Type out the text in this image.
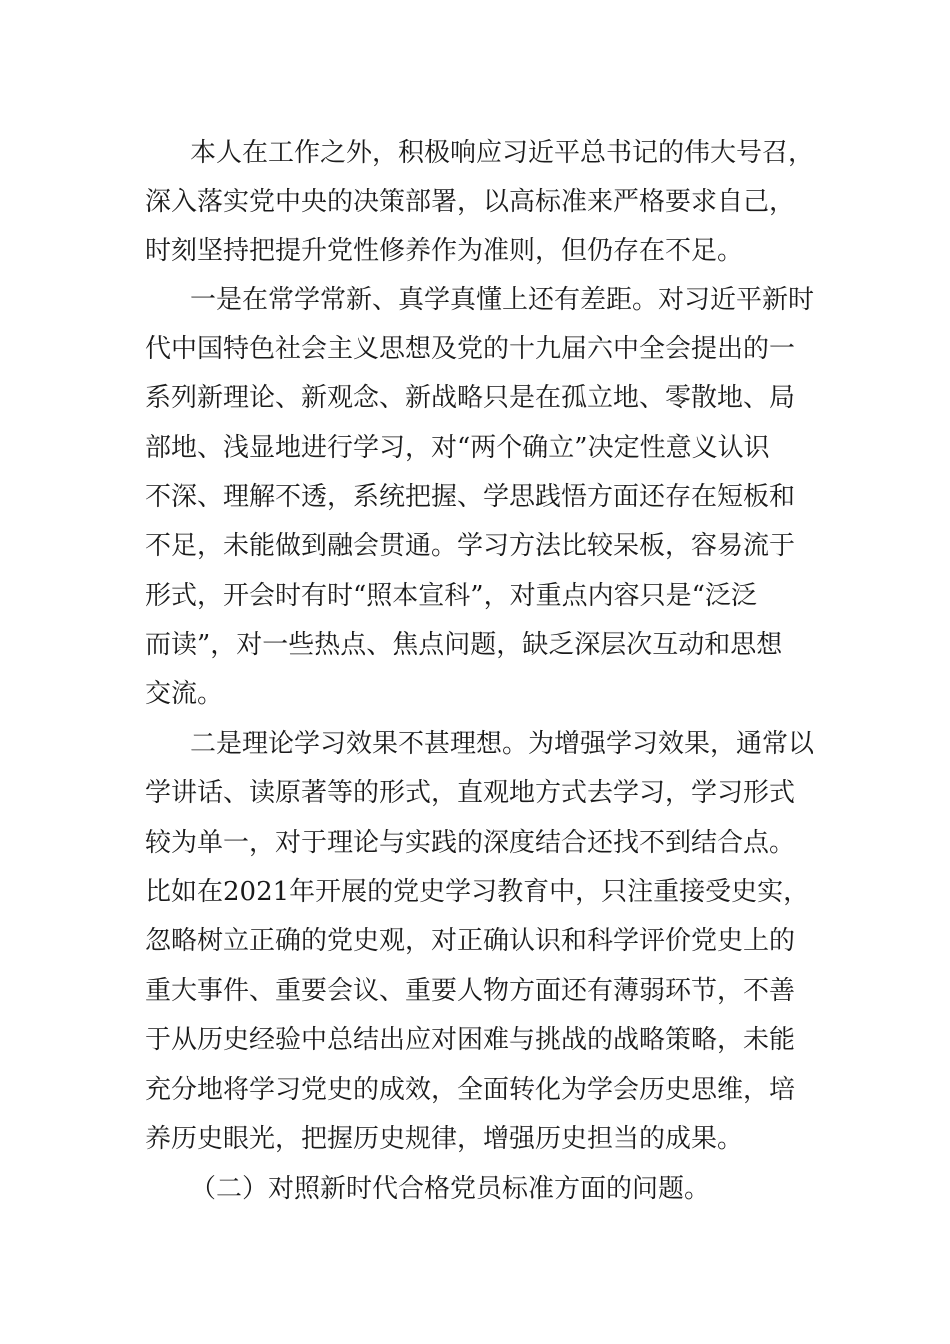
本人在工作之外，积极响应习近平总书记的伟大号召，
深入落实党中央的决策部署，以高标准来严格要求自己，
时刻坚持把提升党性修养作为准则，但仍存在不足。
一是在常学常新、真学真懂上还有差距。对习近平新时
代中国特色社会主义思想及党的十九届六中全会提出的一
系列新理论、新观念、新战略只是在孤立地、零散地、局
部地、浅显地进行学习，对“两个确立”决定性意义认识
不深、理解不透，系统把握、学思践悟方面还存在短板和
不足，未能做到融会贯通。学习方法比较呆板，容易流于
形式，开会时有时“照本宣科”，对重点内容只是“泛泛
而读”，对一些热点、焦点问题，缺乏深层次互动和思想
交流。
二是理论学习效果不甚理想。为增强学习效果，通常以
学讲话、读原著等的形式，直观地方式去学习，学习形式
较为单一，对于理论与实践的深度结合还找不到结合点。
比如在2021年开展的党史学习教育中，只注重接受史实，
忽略树立正确的党史观，对正确认识和科学评价党史上的
重大事件、重要会议、重要人物方面还有薄弱环节，不善
于从历史经验中总结出应对困难与挑战的战略策略，未能
充分地将学习党史的成效，全面转化为学会历史思维，培
养历史眼光，把握历史规律，增强历史担当的成果。
（二）对照新时代合格党员标准方面的问题。
